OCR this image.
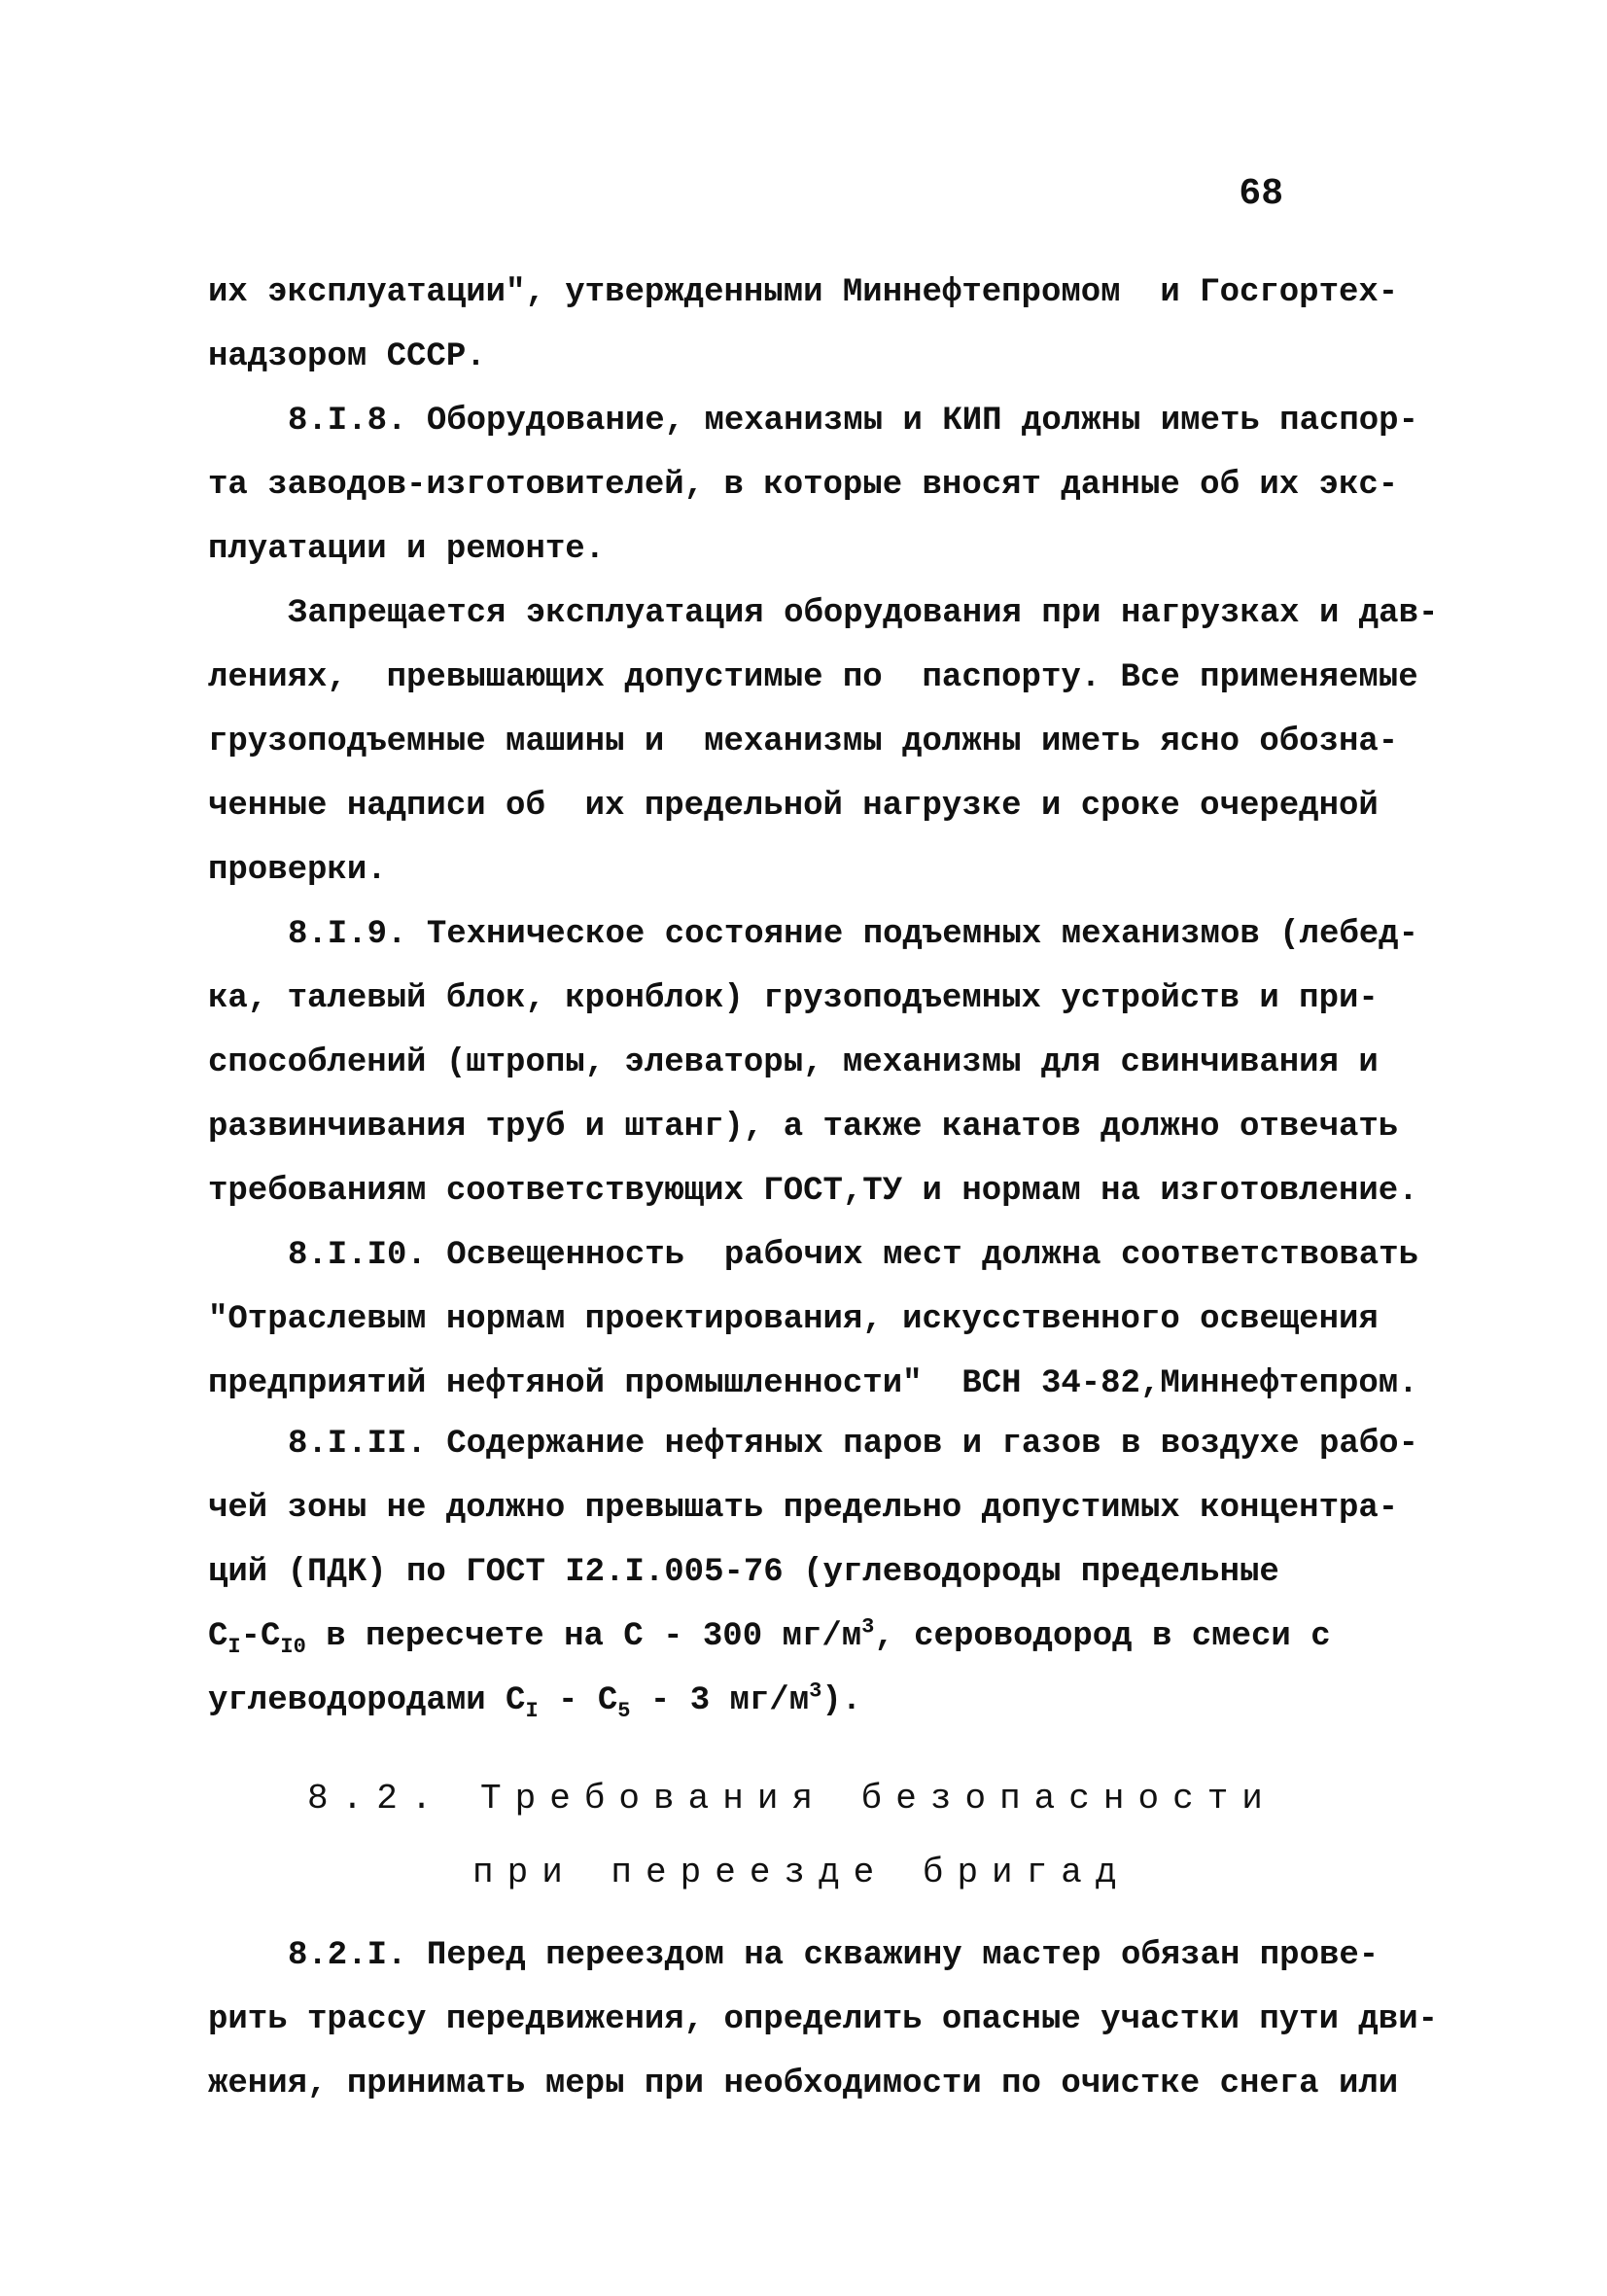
68
их эксплуатации", утвержденными Миннефтепромом  и Госгортех-
надзором СССР.
8.I.8. Оборудование, механизмы и КИП должны иметь паспор-
та заводов-изготовителей, в которые вносят данные об их экс-
плуатации и ремонте.
Запрещается эксплуатация оборудования при нагрузках и дав-
лениях,  превышающих допустимые по  паспорту. Все применяемые
грузоподъемные машины и  механизмы должны иметь ясно обозна-
ченные надписи об  их предельной нагрузке и сроке очередной
проверки.
8.I.9. Техническое состояние подъемных механизмов (лебед-
ка, талевый блок, кронблок) грузоподъемных устройств и при-
способлений (штропы, элеваторы, механизмы для свинчивания и
развинчивания труб и штанг), а также канатов должно отвечать
требованиям соответствующих ГОСТ,ТУ и нормам на изготовление.
8.I.I0. Освещенность  рабочих мест должна соответствовать
"Отраслевым нормам проектирования, искусственного освещения
предприятий нефтяной промышленности"  ВСН 34-82,Миннефтепром.
8.I.II. Содержание нефтяных паров и газов в воздухе рабо-
чей зоны не должно превышать предельно допустимых концентра-
ций (ПДК) по ГОСТ I2.I.005-76 (углеводороды предельные
$C_I-C_{I0}$ в пересчете на С - 300 $мг/м^3$, сероводород в смеси с
углеводородами $C_I - C_5 - 3$ $мг/м^3$).
8.2. Требования безопасности
при переезде бригад
8.2.I. Перед переездом на скважину мастер обязан прове-
рить трассу передвижения, определить опасные участки пути дви-
жения, принимать меры при необходимости по очистке снега или
